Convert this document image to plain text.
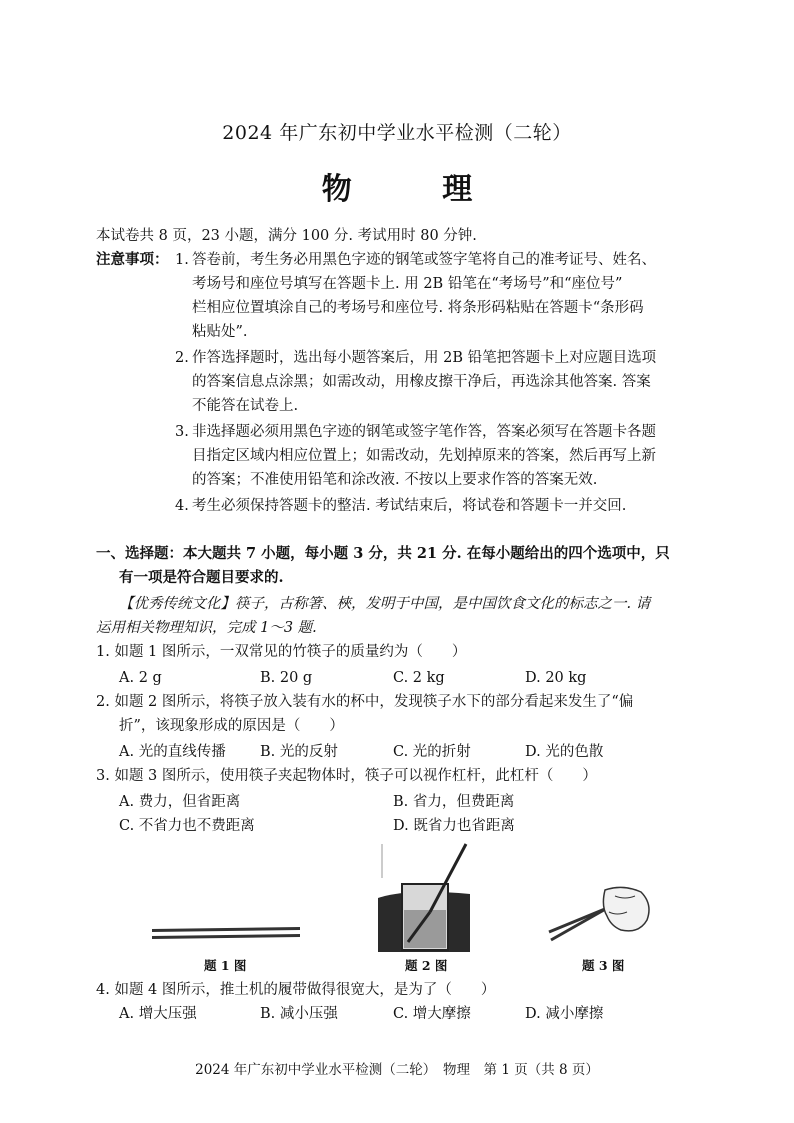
2024 年广东初中学业水平检测（二轮）
物 理
本试卷共 8 页，23 小题，满分 100 分. 考试用时 80 分钟.
注意事项： 1. 答卷前，考生务必用黑色字迹的钢笔或签字笔将自己的准考证号、姓名、
考场号和座位号填写在答题卡上. 用 2B 铅笔在“考场号”和“座位号”
栏相应位置填涂自己的考场号和座位号. 将条形码粘贴在答题卡“条形码
粘贴处”.
2. 作答选择题时，选出每小题答案后，用 2B 铅笔把答题卡上对应题目选项
的答案信息点涂黑；如需改动，用橡皮擦干净后，再选涂其他答案. 答案
不能答在试卷上.
3. 非选择题必须用黑色字迹的钢笔或签字笔作答，答案必须写在答题卡各题
目指定区域内相应位置上；如需改动，先划掉原来的答案，然后再写上新
的答案；不准使用铅笔和涂改液. 不按以上要求作答的答案无效.
4. 考生必须保持答题卡的整洁. 考试结束后，将试卷和答题卡一并交回.
一、选择题：本大题共 7 小题，每小题 3 分，共 21 分. 在每小题给出的四个选项中，只
有一项是符合题目要求的.
【优秀传统文化】筷子，古称箸、梜，发明于中国，是中国饮食文化的标志之一. 请
运用相关物理知识，完成 1～3 题.
1. 如题 1 图所示，一双常见的竹筷子的质量约为（　　）
A. 2 g	B. 20 g	C. 2 kg	D. 20 kg
2. 如题 2 图所示，将筷子放入装有水的杯中，发现筷子水下的部分看起来发生了“偏
折”，该现象形成的原因是（　　）
A. 光的直线传播 B. 光的反射	C. 光的折射	D. 光的色散
3. 如题 3 图所示，使用筷子夹起物体时，筷子可以视作杠杆，此杠杆（　　）
A. 费力，但省距离	B. 省力，但费距离
C. 不省力也不费距离	D. 既省力也省距离
题 1 图	题 2 图	题 3 图
4. 如题 4 图所示，推土机的履带做得很宽大，是为了（　　）
A. 增大压强	B. 减小压强	C. 增大摩擦	D. 减小摩擦
2024 年广东初中学业水平检测（二轮）　物理　第 1 页（共 8 页）
